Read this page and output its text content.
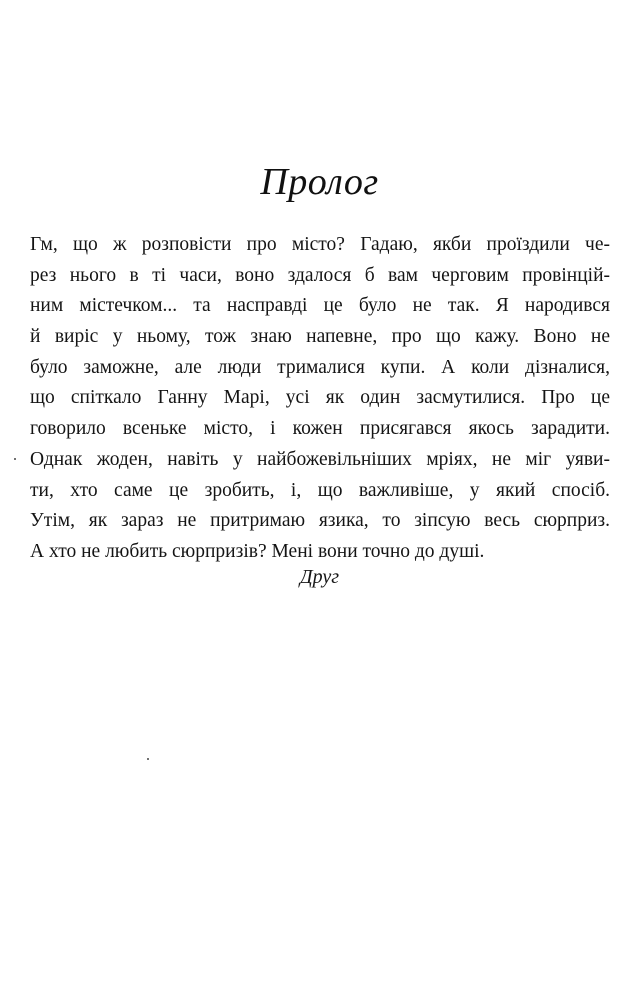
Пролог
Гм, що ж розповісти про місто? Гадаю, якби проїздили че-
рез нього в ті часи, воно здалося б вам черговим провінцій-
ним містечком... та насправді це було не так. Я народився
й виріс у ньому, тож знаю напевне, про що кажу. Воно не
було заможне, але люди трималися купи. А коли дізналися,
що спіткало Ганну Марі, усі як один засмутилися. Про це
говорило всеньке місто, і кожен присягався якось зарадити.
Однак жоден, навіть у найбожевільніших мріях, не міг уяви-
ти, хто саме це зробить, і, що важливіше, у який спосіб.
Утім, як зараз не притримаю язика, то зіпсую весь сюрприз.
А хто не любить сюрпризів? Мені вони точно до душі.
Друг
